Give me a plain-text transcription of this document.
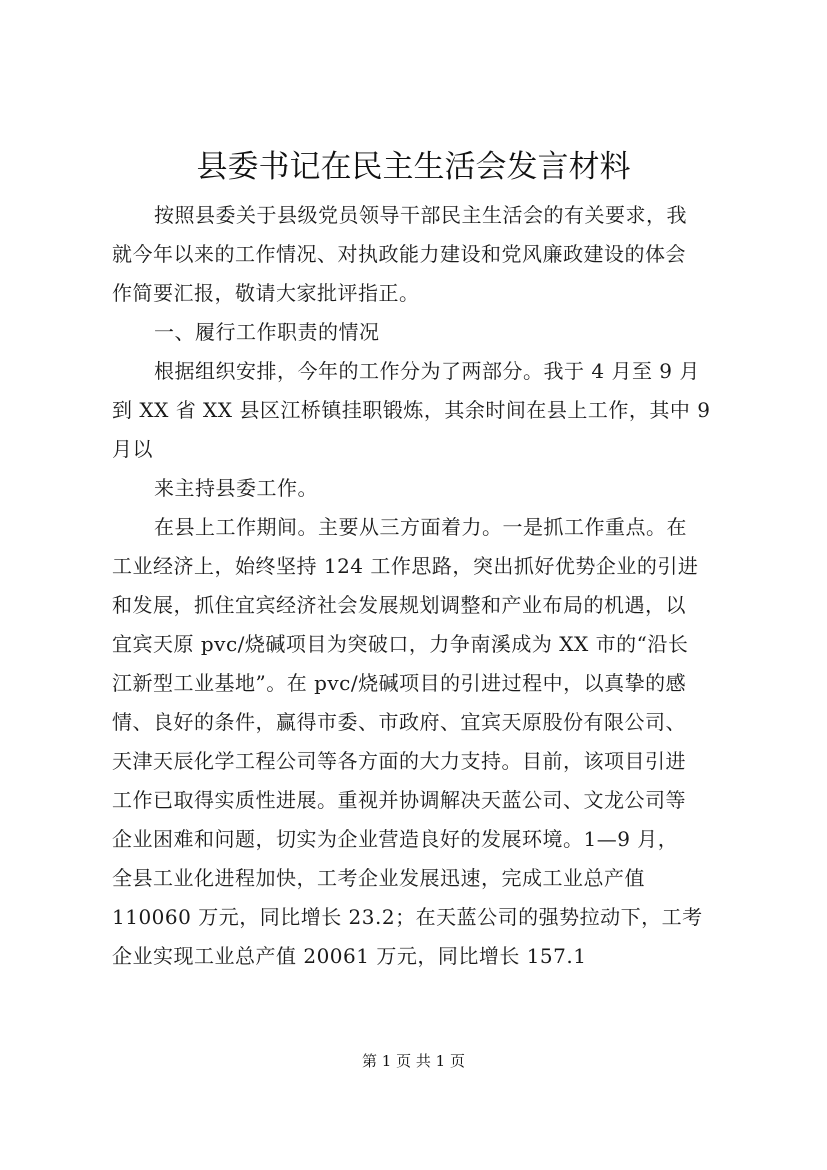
县委书记在民主生活会发言材料
按照县委关于县级党员领导干部民主生活会的有关要求，我
就今年以来的工作情况、对执政能力建设和党风廉政建设的体会
作简要汇报，敬请大家批评指正。
一、履行工作职责的情况
根据组织安排，今年的工作分为了两部分。我于 4 月至 9 月
到 XX 省 XX 县区江桥镇挂职锻炼，其余时间在县上工作，其中 9
月以
来主持县委工作。
在县上工作期间。主要从三方面着力。一是抓工作重点。在
工业经济上，始终坚持 124 工作思路，突出抓好优势企业的引进
和发展，抓住宜宾经济社会发展规划调整和产业布局的机遇，以
宜宾天原 pvc/烧碱项目为突破口，力争南溪成为 XX 市的“沿长
江新型工业基地”。在 pvc/烧碱项目的引进过程中，以真挚的感
情、良好的条件，赢得市委、市政府、宜宾天原股份有限公司、
天津天辰化学工程公司等各方面的大力支持。目前，该项目引进
工作已取得实质性进展。重视并协调解决天蓝公司、文龙公司等
企业困难和问题，切实为企业营造良好的发展环境。1—9 月，
全县工业化进程加快，工考企业发展迅速，完成工业总产值
110060 万元，同比增长 23.2；在天蓝公司的强势拉动下，工考
企业实现工业总产值 20061 万元，同比增长 157.1
第 1 页 共 1 页
